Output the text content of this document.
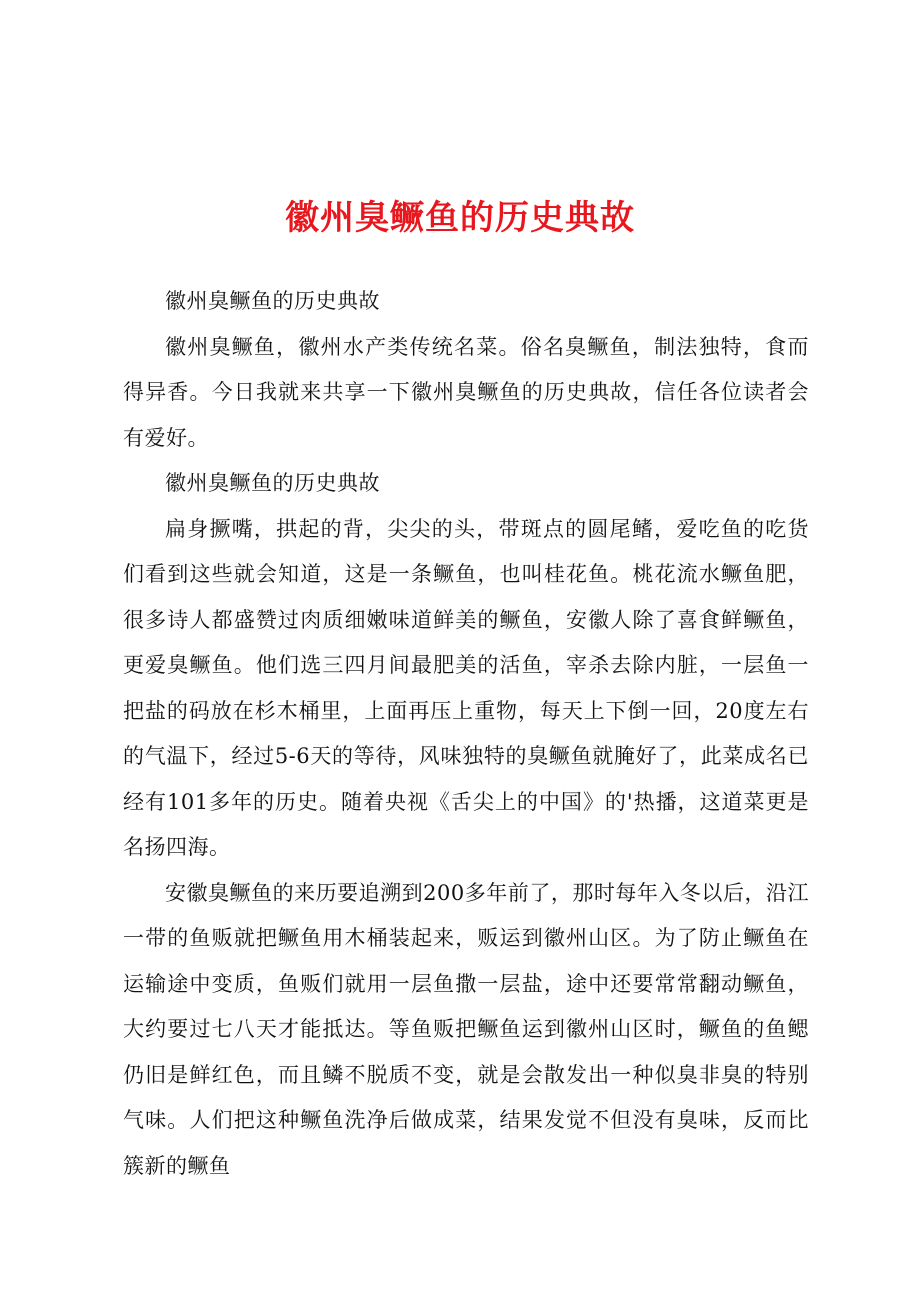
徽州臭鳜鱼的历史典故

徽州臭鳜鱼的历史典故

徽州臭鳜鱼，徽州水产类传统名菜。俗名臭鳜鱼，制法独特，食而得异香。今日我就来共享一下徽州臭鳜鱼的历史典故，信任各位读者会有爱好。

徽州臭鳜鱼的历史典故

扁身撅嘴，拱起的背，尖尖的头，带斑点的圆尾鳍，爱吃鱼的吃货们看到这些就会知道，这是一条鳜鱼，也叫桂花鱼。桃花流水鳜鱼肥，很多诗人都盛赞过肉质细嫩味道鲜美的鳜鱼，安徽人除了喜食鲜鳜鱼，更爱臭鳜鱼。他们选三四月间最肥美的活鱼，宰杀去除内脏，一层鱼一把盐的码放在杉木桶里，上面再压上重物，每天上下倒一回，20度左右的气温下，经过5-6天的等待，风味独特的臭鳜鱼就腌好了，此菜成名已经有101多年的历史。随着央视《舌尖上的中国》的'热播，这道菜更是名扬四海。

安徽臭鳜鱼的来历要追溯到200多年前了，那时每年入冬以后，沿江一带的鱼贩就把鳜鱼用木桶装起来，贩运到徽州山区。为了防止鳜鱼在运输途中变质，鱼贩们就用一层鱼撒一层盐，途中还要常常翻动鳜鱼，大约要过七八天才能抵达。等鱼贩把鳜鱼运到徽州山区时，鳜鱼的鱼鳃仍旧是鲜红色，而且鳞不脱质不变，就是会散发出一种似臭非臭的特别气味。人们把这种鳜鱼洗净后做成菜，结果发觉不但没有臭味，反而比簇新的鳜鱼
